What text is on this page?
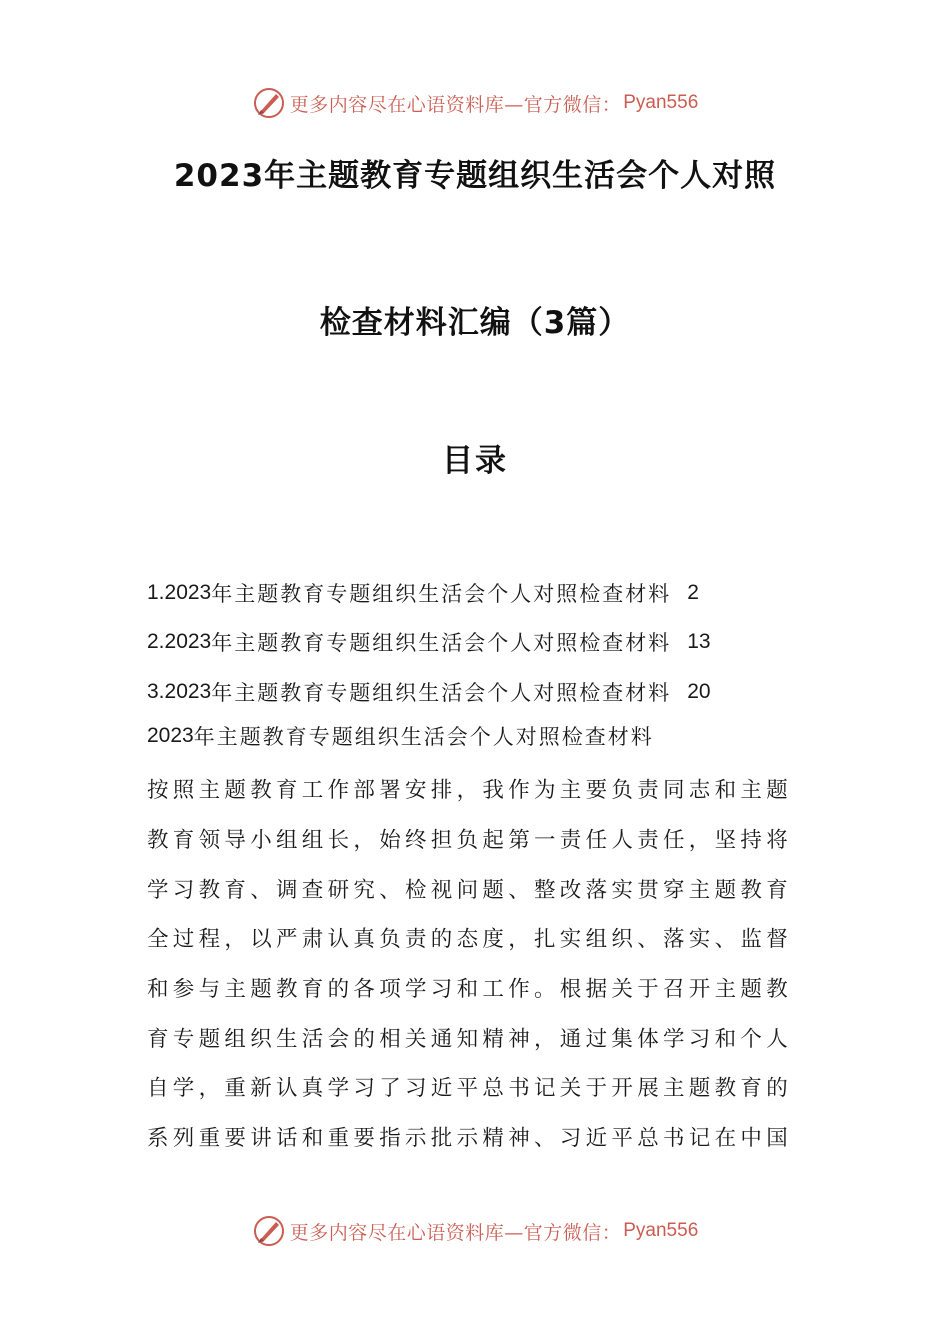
更多内容尽在心语资料库—官方微信： Pyan556
2023年主题教育专题组织生活会个人对照
检查材料汇编（3篇）
目录
1.2023 年主题教育专题组织生活会个人对照检查材料 2
2.2023 年主题教育专题组织生活会个人对照检查材料 13
3.2023 年主题教育专题组织生活会个人对照检查材料 20
2023 年主题教育专题组织生活会个人对照检查材料
按照主题教育工作部署安排，我作为主要负责同志和主题
教育领导小组组长，始终担负起第一责任人责任，坚持将
学习教育、调查研究、检视问题、整改落实贯穿主题教育
全过程，以严肃认真负责的态度，扎实组织、落实、监督
和参与主题教育的各项学习和工作。根据关于召开主题教
育专题组织生活会的相关通知精神，通过集体学习和个人
自学，重新认真学习了习近平总书记关于开展主题教育的
系列重要讲话和重要指示批示精神、习近平总书记在中国
更多内容尽在心语资料库—官方微信： Pyan556
